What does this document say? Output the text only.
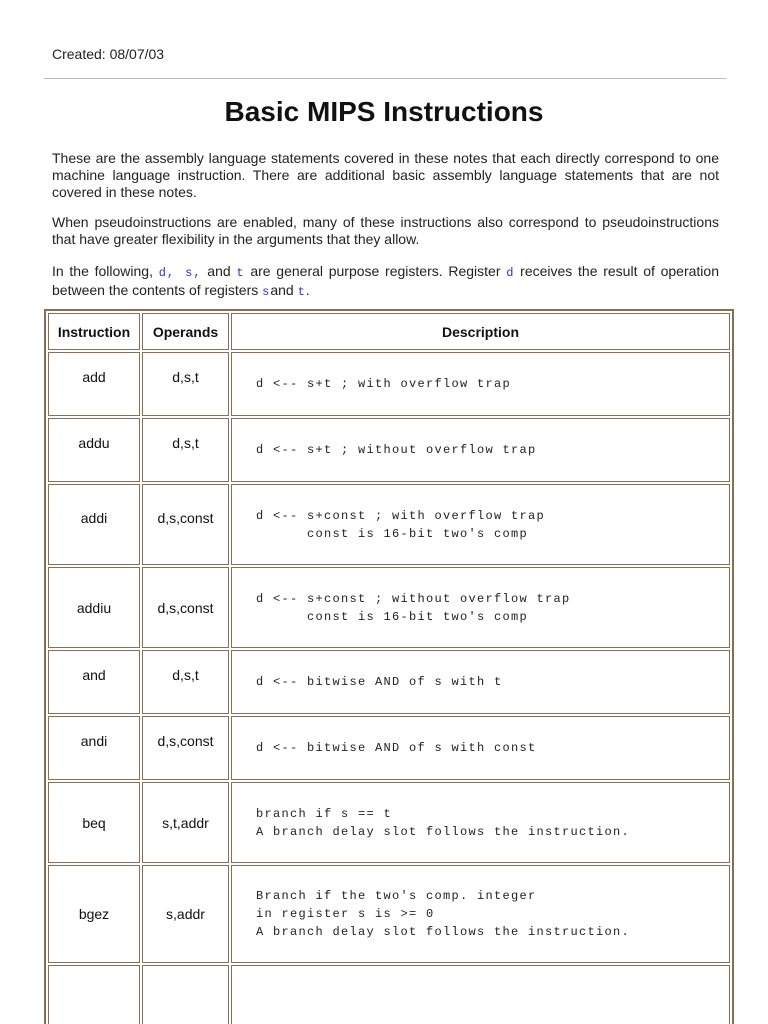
Created: 08/07/03
Basic MIPS Instructions

These are the assembly language statements covered in these notes that each directly correspond to one machine language instruction. There are additional basic assembly language statements that are not covered in these notes.

When pseudoinstructions are enabled, many of these instructions also correspond to pseudoinstructions that have greater flexibility in the arguments that they allow.

In the following, d, s, and t are general purpose registers. Register d receives the result of operation between the contents of registers sand t.

Instruction	Operands	Description
add	d,s,t	d <-- s+t ; with overflow trap

addu	d,s,t	d <-- s+t ; without overflow trap

addi	d,s,const	d <-- s+const ; with overflow trap
const is 16-bit two's comp

addiu	d,s,const	d <-- s+const ; without overflow trap
const is 16-bit two's comp

and	d,s,t	d <-- bitwise AND of s with t

andi	d,s,const	d <-- bitwise AND of s with const

beq	s,t,addr	branch if s == t
A branch delay slot follows the instruction.

bgez	s,addr	Branch if the two's comp. integer
in register s is >= 0
A branch delay slot follows the instruction.
